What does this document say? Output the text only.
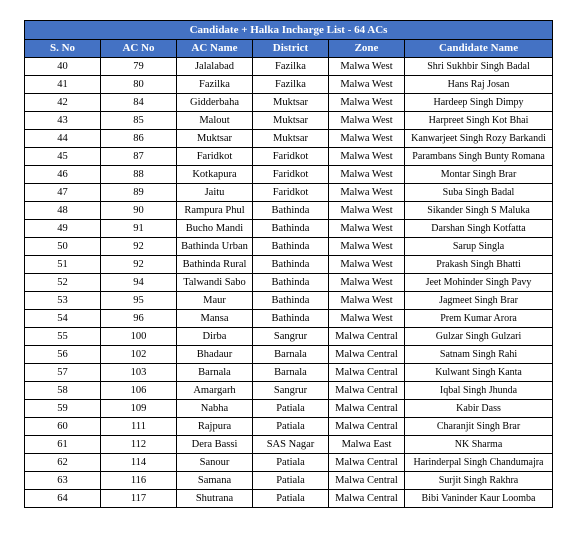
Candidate + Halka Incharge List - 64 ACs					
S. No	AC No	AC Name	District	Zone	Candidate Name
40	79	Jalalabad	Fazilka	Malwa West	Shri Sukhbir Singh Badal
41	80	Fazilka	Fazilka	Malwa West	Hans Raj Josan
42	84	Gidderbaha	Muktsar	Malwa West	Hardeep Singh Dimpy
43	85	Malout	Muktsar	Malwa West	Harpreet Singh Kot Bhai
44	86	Muktsar	Muktsar	Malwa West	Kanwarjeet Singh Rozy Barkandi
45	87	Faridkot	Faridkot	Malwa West	Parambans Singh Bunty Romana
46	88	Kotkapura	Faridkot	Malwa West	Montar Singh Brar
47	89	Jaitu	Faridkot	Malwa West	Suba Singh Badal
48	90	Rampura Phul	Bathinda	Malwa West	Sikander Singh S Maluka
49	91	Bucho Mandi	Bathinda	Malwa West	Darshan Singh Kotfatta
50	92	Bathinda Urban	Bathinda	Malwa West	Sarup Singla
51	92	Bathinda Rural	Bathinda	Malwa West	Prakash Singh Bhatti
52	94	Talwandi Sabo	Bathinda	Malwa West	Jeet Mohinder Singh Pavy
53	95	Maur	Bathinda	Malwa West	Jagmeet Singh Brar
54	96	Mansa	Bathinda	Malwa West	Prem Kumar Arora
55	100	Dirba	Sangrur	Malwa Central	Gulzar Singh Gulzari
56	102	Bhadaur	Barnala	Malwa Central	Satnam Singh Rahi
57	103	Barnala	Barnala	Malwa Central	Kulwant Singh Kanta
58	106	Amargarh	Sangrur	Malwa Central	Iqbal Singh Jhunda
59	109	Nabha	Patiala	Malwa Central	Kabir Dass
60	111	Rajpura	Patiala	Malwa Central	Charanjit Singh Brar
61	112	Dera Bassi	SAS Nagar	Malwa East	NK Sharma
62	114	Sanour	Patiala	Malwa Central	Harinderpal Singh Chandumajra
63	116	Samana	Patiala	Malwa Central	Surjit Singh Rakhra
64	117	Shutrana	Patiala	Malwa Central	Bibi Vaninder Kaur Loomba
